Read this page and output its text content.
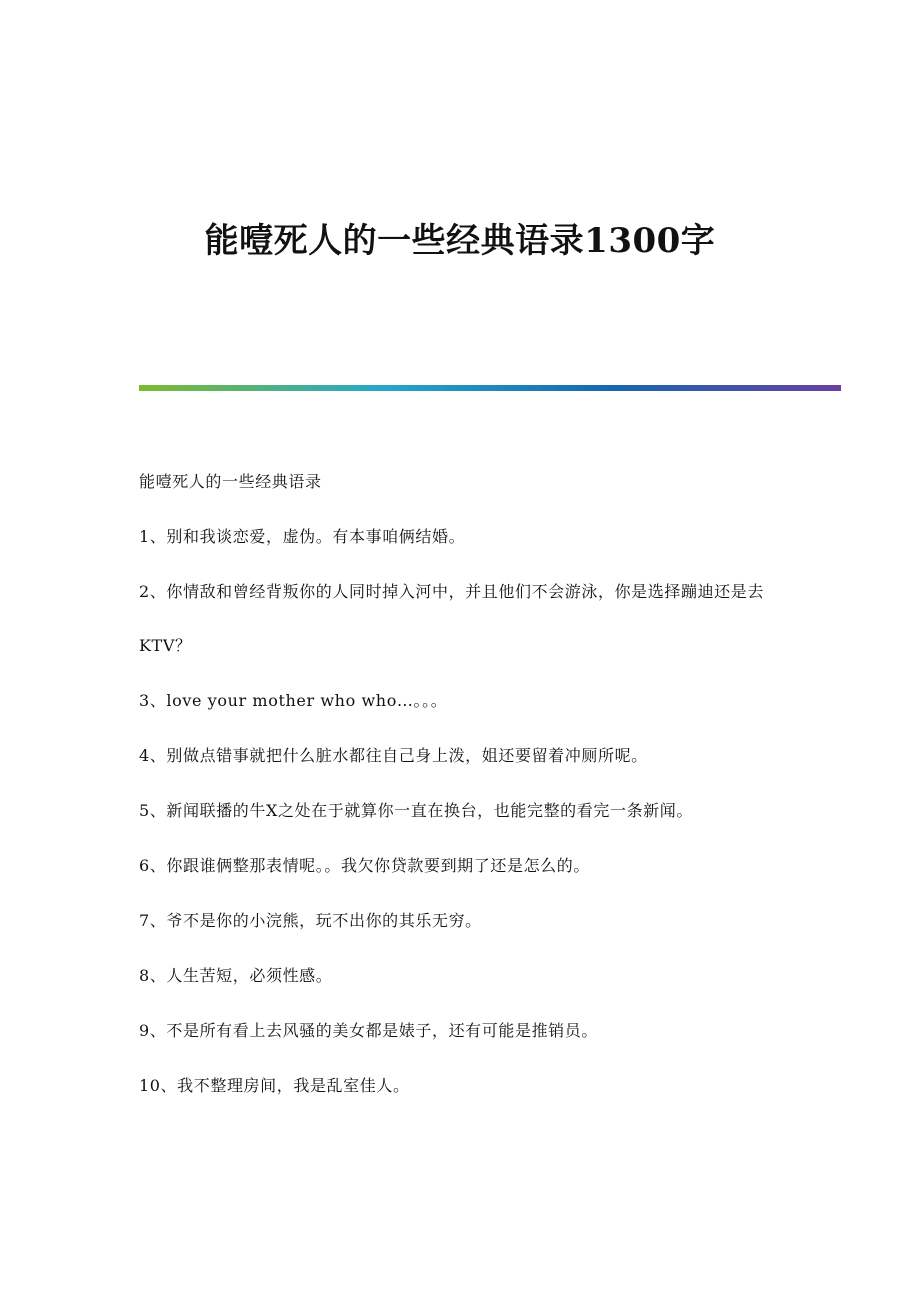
能噎死人的一些经典语录1300字

能噎死人的一些经典语录

1、别和我谈恋爱，虚伪。有本事咱俩结婚。

2、你情敌和曾经背叛你的人同时掉入河中，并且他们不会游泳，你是选择蹦迪还是去KTV？

3、love your mother who who…。。。

4、别做点错事就把什么脏水都往自己身上泼，姐还要留着冲厕所呢。

5、新闻联播的牛X之处在于就算你一直在换台，也能完整的看完一条新闻。

6、你跟谁俩整那表情呢。。我欠你贷款要到期了还是怎么的。

7、爷不是你的小浣熊，玩不出你的其乐无穷。

8、人生苦短，必须性感。

9、不是所有看上去风骚的美女都是婊子，还有可能是推销员。

10、我不整理房间，我是乱室佳人。
